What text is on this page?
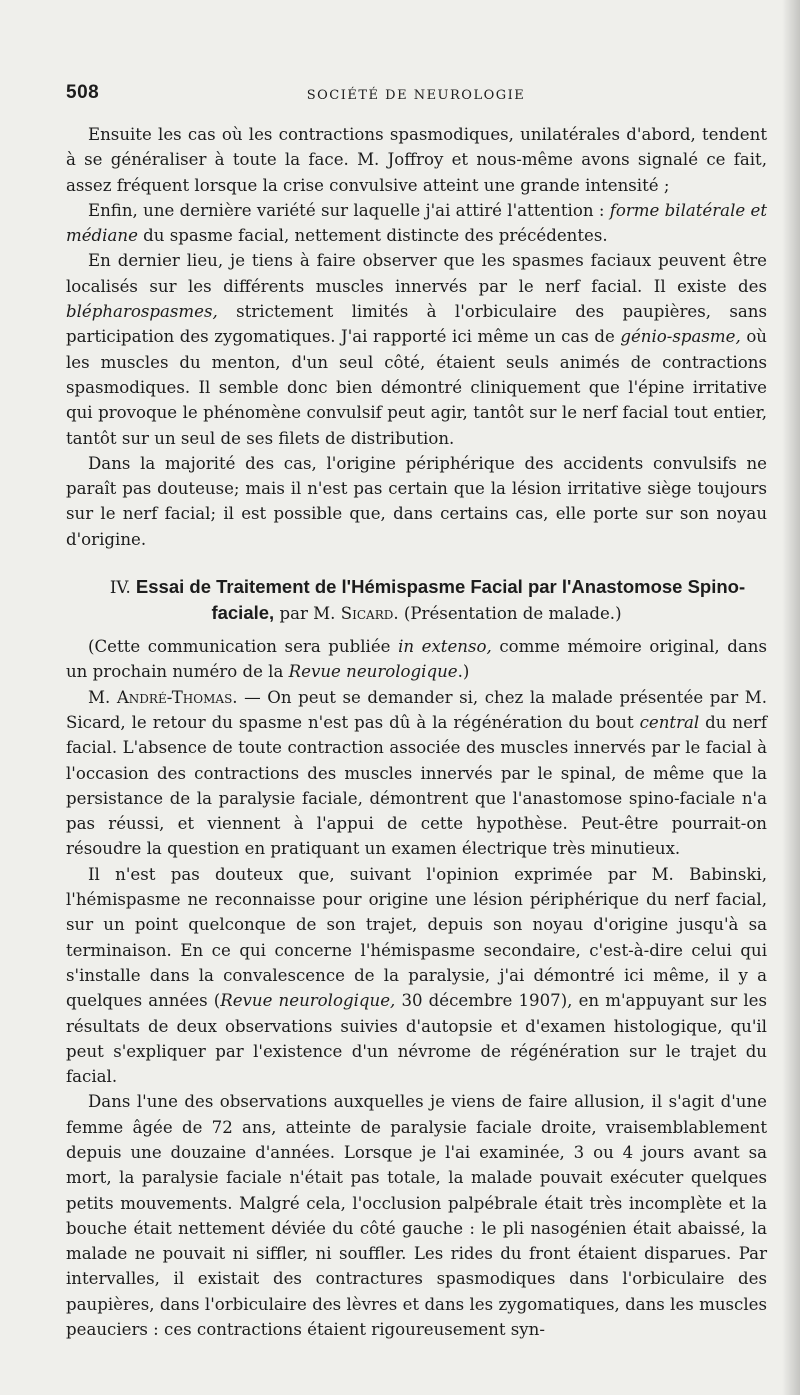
508	SOCIÉTÉ DE NEUROLOGIE

Ensuite les cas où les contractions spasmodiques, unilatérales d'abord, tendent à se généraliser à toute la face. M. Joffroy et nous-même avons signalé ce fait, assez fréquent lorsque la crise convulsive atteint une grande intensité ;

Enfin, une dernière variété sur laquelle j'ai attiré l'attention : forme bilatérale et médiane du spasme facial, nettement distincte des précédentes.

En dernier lieu, je tiens à faire observer que les spasmes faciaux peuvent être localisés sur les différents muscles innervés par le nerf facial. Il existe des blépharospasmes, strictement limités à l'orbiculaire des paupières, sans participation des zygomatiques. J'ai rapporté ici même un cas de génio-spasme, où les muscles du menton, d'un seul côté, étaient seuls animés de contractions spasmodiques. Il semble donc bien démontré cliniquement que l'épine irritative qui provoque le phénomène convulsif peut agir, tantôt sur le nerf facial tout entier, tantôt sur un seul de ses filets de distribution.

Dans la majorité des cas, l'origine périphérique des accidents convulsifs ne paraît pas douteuse; mais il n'est pas certain que la lésion irritative siège toujours sur le nerf facial; il est possible que, dans certains cas, elle porte sur son noyau d'origine.

IV. Essai de Traitement de l'Hémispasme Facial par l'Anastomose Spino-faciale, par M. Sicard. (Présentation de malade.)

(Cette communication sera publiée in extenso, comme mémoire original, dans un prochain numéro de la Revue neurologique.)

M. André-Thomas. — On peut se demander si, chez la malade présentée par M. Sicard, le retour du spasme n'est pas dû à la régénération du bout central du nerf facial. L'absence de toute contraction associée des muscles innervés par le facial à l'occasion des contractions des muscles innervés par le spinal, de même que la persistance de la paralysie faciale, démontrent que l'anastomose spino-faciale n'a pas réussi, et viennent à l'appui de cette hypothèse. Peut-être pourrait-on résoudre la question en pratiquant un examen électrique très minutieux.

Il n'est pas douteux que, suivant l'opinion exprimée par M. Babinski, l'hémispasme ne reconnaisse pour origine une lésion périphérique du nerf facial, sur un point quelconque de son trajet, depuis son noyau d'origine jusqu'à sa terminaison. En ce qui concerne l'hémispasme secondaire, c'est-à-dire celui qui s'installe dans la convalescence de la paralysie, j'ai démontré ici même, il y a quelques années (Revue neurologique, 30 décembre 1907), en m'appuyant sur les résultats de deux observations suivies d'autopsie et d'examen histologique, qu'il peut s'expliquer par l'existence d'un névrome de régénération sur le trajet du facial.

Dans l'une des observations auxquelles je viens de faire allusion, il s'agit d'une femme âgée de 72 ans, atteinte de paralysie faciale droite, vraisemblablement depuis une douzaine d'années. Lorsque je l'ai examinée, 3 ou 4 jours avant sa mort, la paralysie faciale n'était pas totale, la malade pouvait exécuter quelques petits mouvements. Malgré cela, l'occlusion palpébrale était très incomplète et la bouche était nettement déviée du côté gauche : le pli nasogénien était abaissé, la malade ne pouvait ni siffler, ni souffler. Les rides du front étaient disparues. Par intervalles, il existait des contractures spasmodiques dans l'orbiculaire des paupières, dans l'orbiculaire des lèvres et dans les zygomatiques, dans les muscles peauciers : ces contractions étaient rigoureusement syn-
